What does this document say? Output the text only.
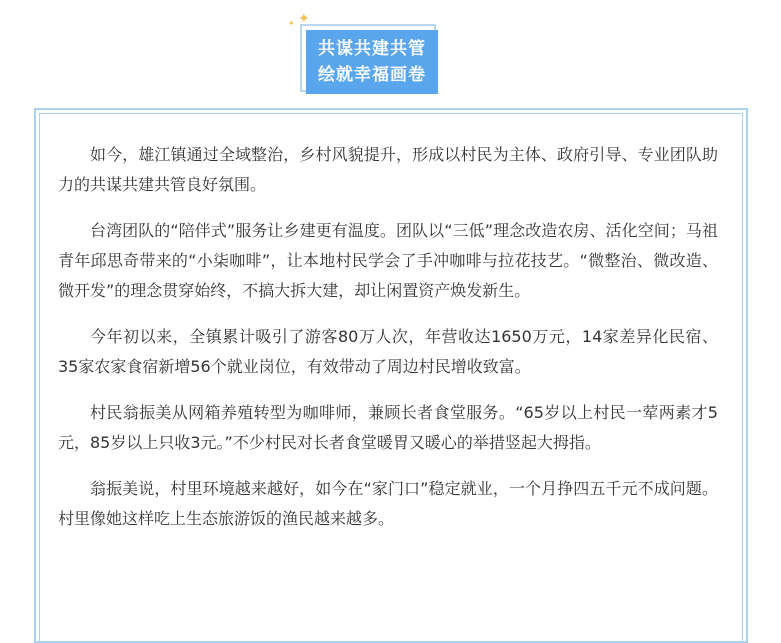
✦
✦
共谋共建共管
绘就幸福画卷

如今，雄江镇通过全域整治，乡村风貌提升，形成以村民为主体、政府引导、专业团队助力的共谋共建共管良好氛围。

台湾团队的“陪伴式”服务让乡建更有温度。团队以“三低”理念改造农房、活化空间；马祖青年邱思奇带来的“小柒咖啡”，让本地村民学会了手冲咖啡与拉花技艺。“微整治、微改造、微开发”的理念贯穿始终，不搞大拆大建，却让闲置资产焕发新生。

今年初以来，全镇累计吸引了游客80万人次，年营收达1650万元，14家差异化民宿、35家农家食宿新增56个就业岗位，有效带动了周边村民增收致富。

村民翁振美从网箱养殖转型为咖啡师，兼顾长者食堂服务。“65岁以上村民一荤两素才5元，85岁以上只收3元。”不少村民对长者食堂暖胃又暖心的举措竖起大拇指。

翁振美说，村里环境越来越好，如今在“家门口”稳定就业，一个月挣四五千元不成问题。村里像她这样吃上生态旅游饭的渔民越来越多。
